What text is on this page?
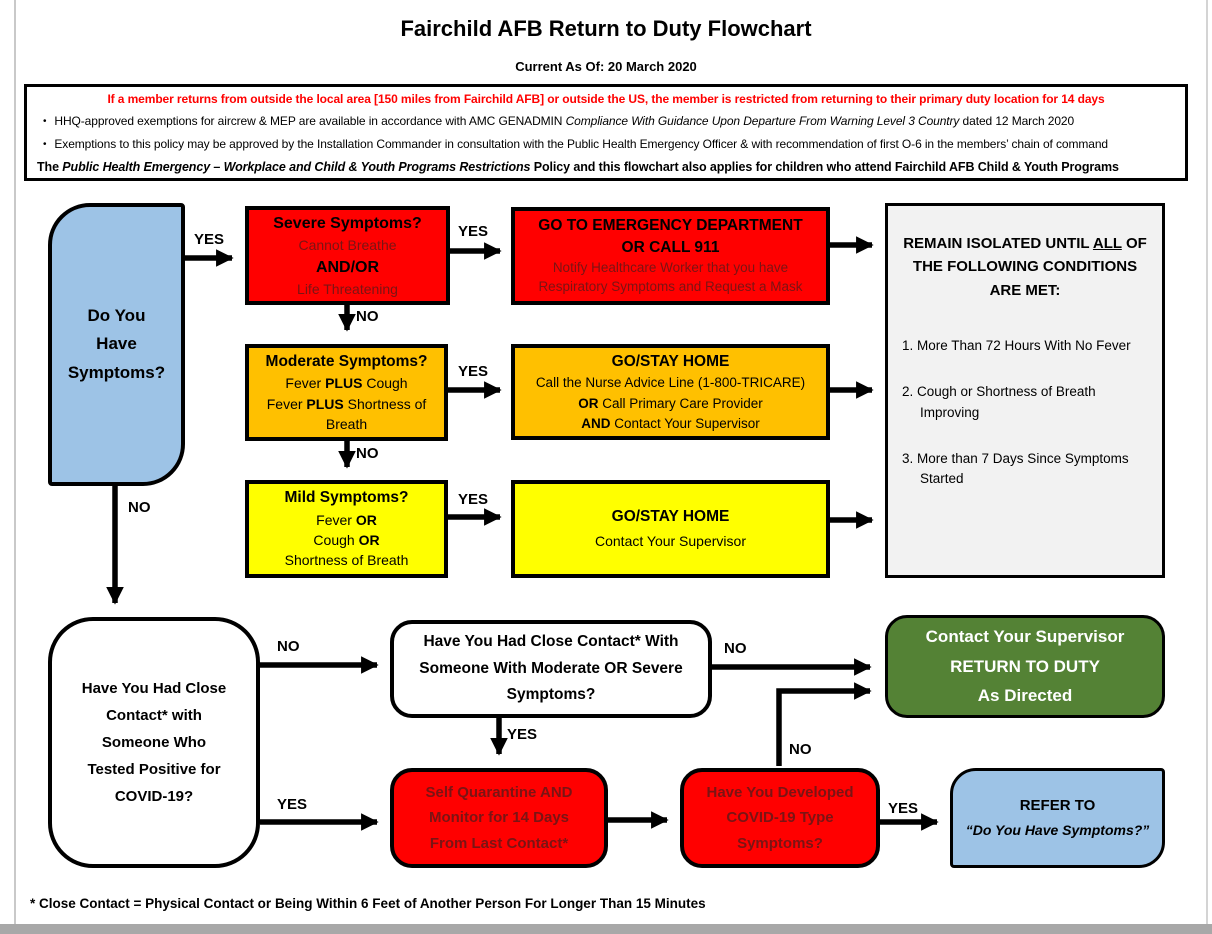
Fairchild AFB Return to Duty Flowchart
Current As Of: 20 March 2020
If a member returns from outside the local area [150 miles from Fairchild AFB] or outside the US, the member is restricted from returning to their primary duty location for 14 days
• HHQ-approved exemptions for aircrew & MEP are available in accordance with AMC GENADMIN Compliance With Guidance Upon Departure From Warning Level 3 Country dated 12 March 2020
• Exemptions to this policy may be approved by the Installation Commander in consultation with the Public Health Emergency Officer & with recommendation of first O-6 in the members’ chain of command
The Public Health Emergency – Workplace and Child & Youth Programs Restrictions Policy and this flowchart also applies for children who attend Fairchild AFB Child & Youth Programs
YES	YES
NO
YES
NO
YES
NO
NO
YES
NO
YES
NO
YES
Do You
Have
Symptoms?
Severe Symptoms?
Cannot Breathe
AND/OR
Life Threatening
GO TO EMERGENCY DEPARTMENT
OR CALL 911
Notify Healthcare Worker that you have
Respiratory Symptoms and Request a Mask
REMAIN ISOLATED UNTIL ALL OF THE FOLLOWING CONDITIONS ARE MET:
1. More Than 72 Hours With No Fever
2. Cough or Shortness of Breath Improving
3. More than 7 Days Since Symptoms Started
Moderate Symptoms?
Fever PLUS Cough
Fever PLUS Shortness of Breath
GO/STAY HOME
Call the Nurse Advice Line (1-800-TRICARE)
OR Call Primary Care Provider
AND Contact Your Supervisor
Mild Symptoms?
Fever OR
Cough OR
Shortness of Breath
GO/STAY HOME
Contact Your Supervisor
Have You Had Close
Contact* with
Someone Who
Tested Positive for
COVID-19?
Have You Had Close Contact* With Someone With Moderate OR Severe Symptoms?
Contact Your Supervisor
RETURN TO DUTY
As Directed
Self Quarantine AND
Monitor for 14 Days
From Last Contact*
Have You Developed
COVID-19 Type
Symptoms?
REFER TO
“Do You Have Symptoms?”
* Close Contact = Physical Contact or Being Within 6 Feet of Another Person For Longer Than 15 Minutes
